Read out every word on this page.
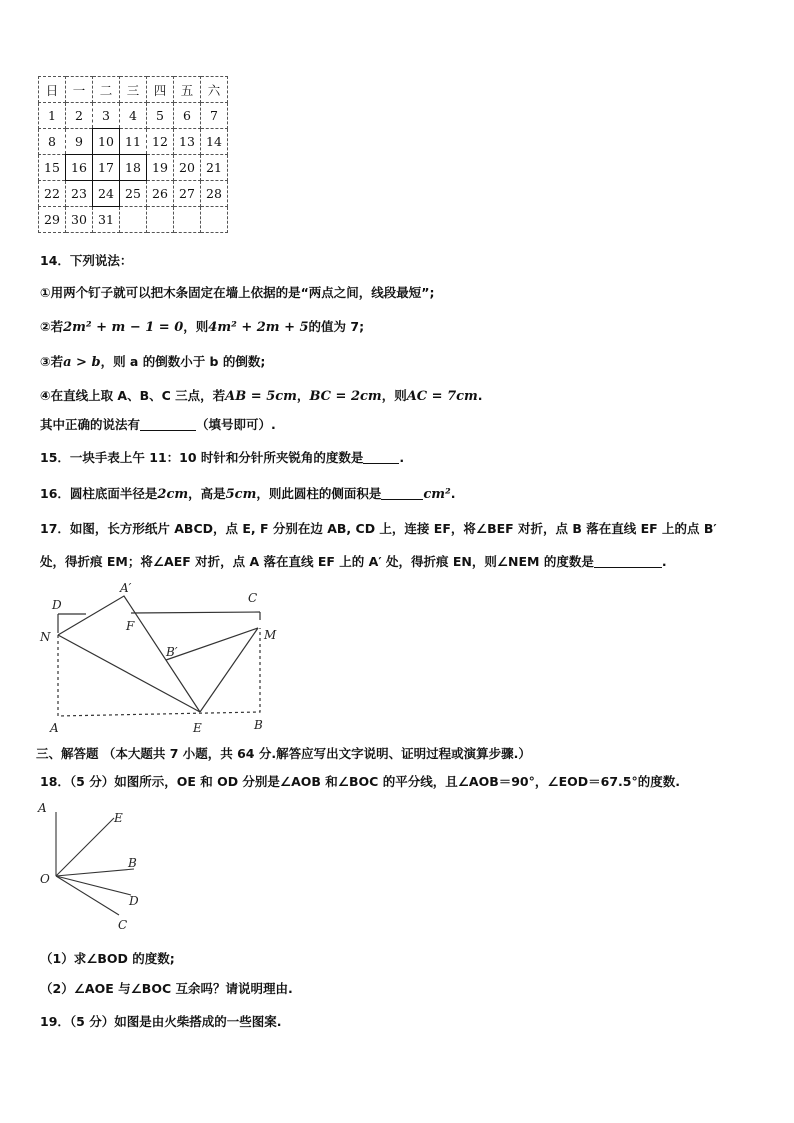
日	一	二	三	四	五	六
1	2	3	4	5	6	7
8	9	10	11	12	13	14
15	16	17	18	19	20	21
22	23	24	25	26	27	28
29	30	31				
14．下列说法：
①用两个钉子就可以把木条固定在墙上依据的是“两点之间，线段最短”;
②若2m² + m − 1 = 0，则4m² + 2m + 5的值为 7;
③若a > b，则 a 的倒数小于 b 的倒数;
④在直线上取 A、B、C 三点，若AB = 5cm，BC = 2cm，则AC = 7cm.
其中正确的说法有	（填号即可）.
15．一块手表上午 11：10 时针和分针所夹锐角的度数是	.
16．圆柱底面半径是2cm，高是5cm，则此圆柱的侧面积是	cm².
17．如图，长方形纸片 ABCD，点 E, F 分别在边 AB, CD 上，连接 EF，将∠BEF 对折，点 B 落在直线 EF 上的点 B′
处，得折痕 EM；将∠AEF 对折，点 A 落在直线 EF 上的 A′ 处，得折痕 EN，则∠NEM 的度数是	.
D	C
A′
F
N	M
B′
A	E	B
三、解答题 （本大题共 7 小题，共 64 分.解答应写出文字说明、证明过程或演算步骤.）
18．（5 分）如图所示，OE 和 OD 分别是∠AOB 和∠BOC 的平分线，且∠AOB＝90°，∠EOD＝67.5°的度数.
A
E
B
O
D
C
（1）求∠BOD 的度数;
（2）∠AOE 与∠BOC 互余吗？请说明理由.
19．（5 分）如图是由火柴搭成的一些图案.
